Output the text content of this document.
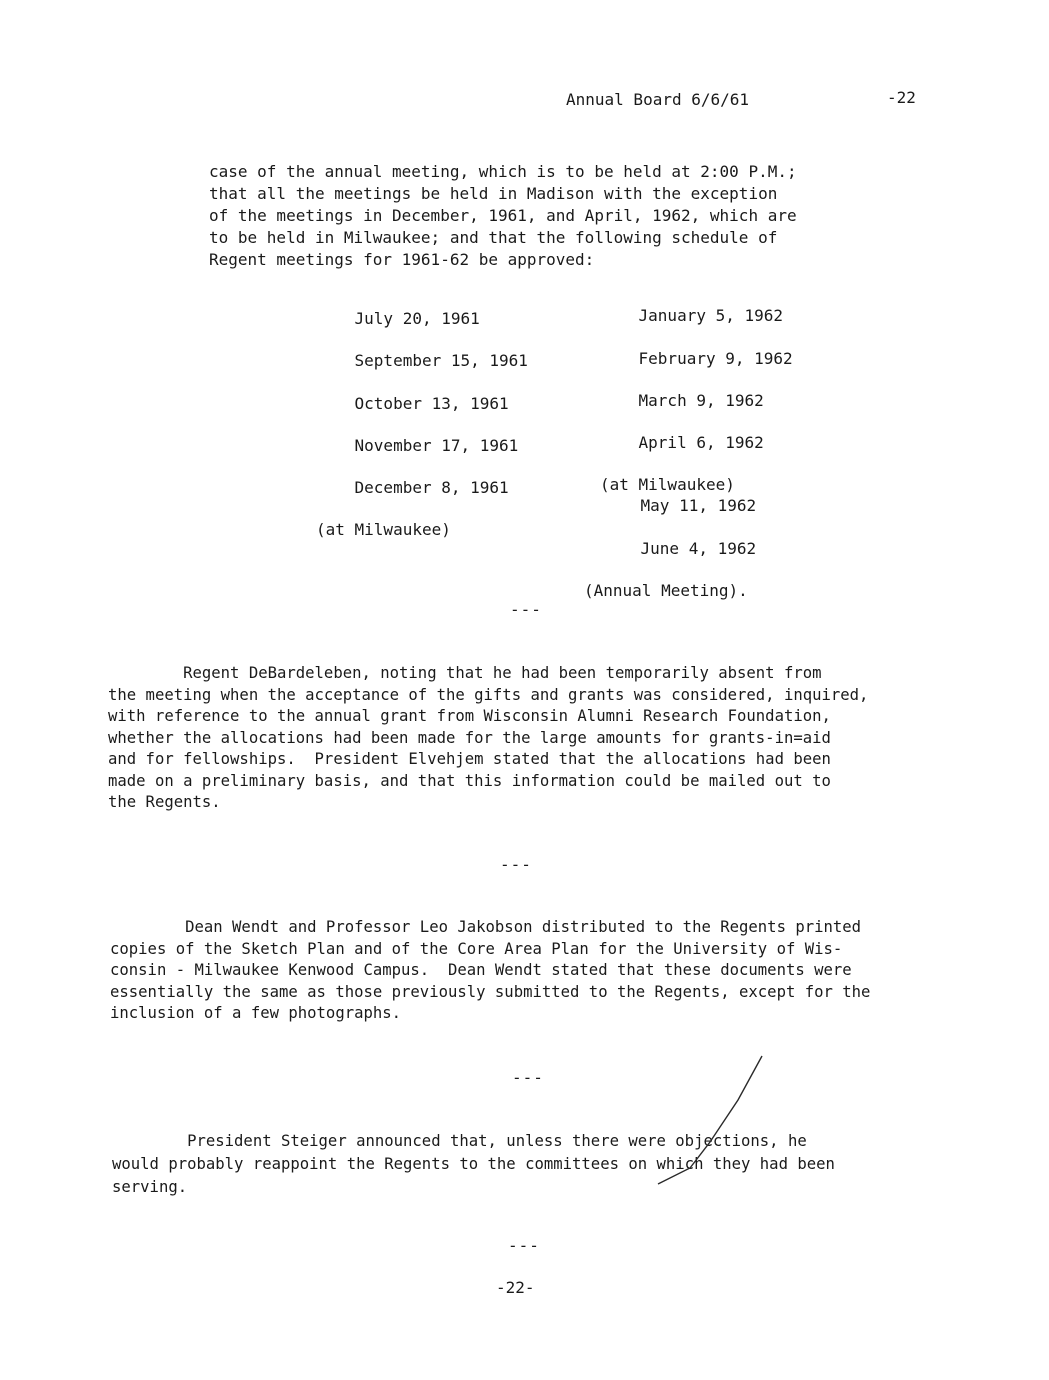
Annual Board 6/6/61	-22
case of the annual meeting, which is to be held at 2:00 P.M.;
that all the meetings be held in Madison with the exception
of the meetings in December, 1961, and April, 1962, which are
to be held in Milwaukee; and that the following schedule of
Regent meetings for 1961-62 be approved:

July 20, 1961

September 15, 1961

October 13, 1961

November 17, 1961

December 8, 1961

(at Milwaukee)

January 5, 1962

February 9, 1962

March 9, 1962

April 6, 1962

(at Milwaukee)

May 11, 1962

June 4, 1962

(Annual Meeting).

---
Regent DeBardeleben, noting that he had been temporarily absent from
the meeting when the acceptance of the gifts and grants was considered, inquired,
with reference to the annual grant from Wisconsin Alumni Research Foundation,
whether the allocations had been made for the large amounts for grants-in=aid
and for fellowships.  President Elvehjem stated that the allocations had been
made on a preliminary basis, and that this information could be mailed out to
the Regents.
---
Dean Wendt and Professor Leo Jakobson distributed to the Regents printed
copies of the Sketch Plan and of the Core Area Plan for the University of Wis-
consin - Milwaukee Kenwood Campus.  Dean Wendt stated that these documents were
essentially the same as those previously submitted to the Regents, except for the
inclusion of a few photographs.
---
President Steiger announced that, unless there were objections, he
would probably reappoint the Regents to the committees on which they had been
serving.
---
-22-
